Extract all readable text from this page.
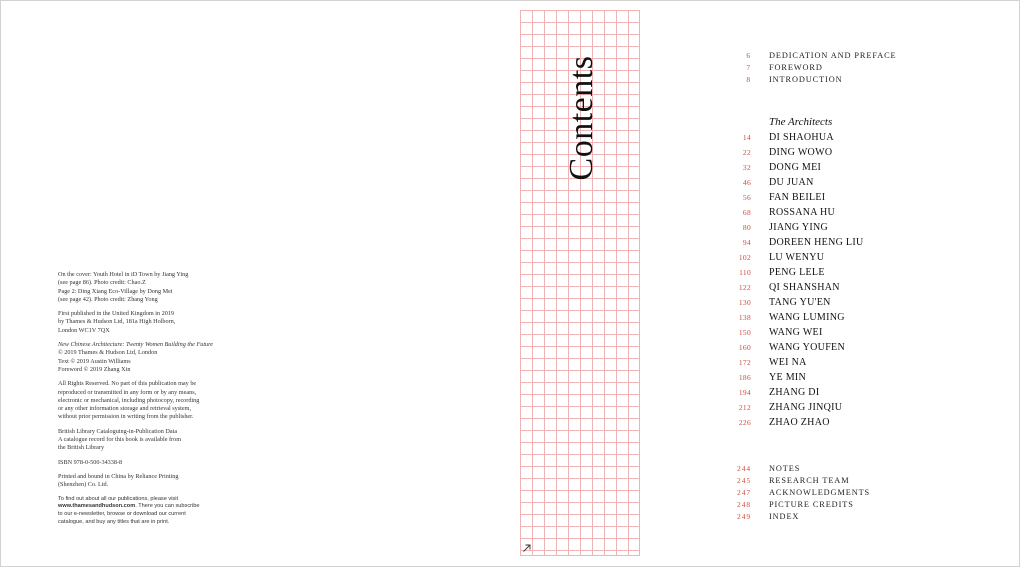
On the cover: Youth Hotel in iD Town by Jiang Ying
(see page 86). Photo credit: Chao.Z
Page 2: Ding Xiang Eco-Village by Dong Mei
(see page 42). Photo credit: Zhang Yong

First published in the United Kingdom in 2019
by Thames & Hudson Ltd, 181a High Holborn,
London WC1V 7QX

New Chinese Architecture: Twenty Women Building the Future
© 2019 Thames & Hudson Ltd, London
Text © 2019 Austin Williams
Foreword © 2019 Zhang Xin

All Rights Reserved. No part of this publication may be
reproduced or transmitted in any form or by any means,
electronic or mechanical, including photocopy, recording
or any other information storage and retrieval system,
without prior permission in writing from the publisher.

British Library Cataloguing-in-Publication Data
A catalogue record for this book is available from
the British Library

ISBN 978-0-500-34338-8

Printed and bound in China by Reliance Printing
(Shenzhen) Co. Ltd.

To find out about all our publications, please visit
www.thamesandhudson.com. There you can subscribe
to our e-newsletter, browse or download our current
catalogue, and buy any titles that are in print.

Contents
6 DEDICATION AND PREFACE
7 FOREWORD
8 INTRODUCTION
The Architects
14 DI SHAOHUA
22 DING WOWO
32 DONG MEI
46 DU JUAN
56 FAN BEILEI
68 ROSSANA HU
80 JIANG YING
94 DOREEN HENG LIU
102 LU WENYU
110 PENG LELE
122 QI SHANSHAN
130 TANG YU'EN
138 WANG LUMING
150 WANG WEI
160 WANG YOUFEN
172 WEI NA
186 YE MIN
194 ZHANG DI
212 ZHANG JINQIU
226 ZHAO ZHAO
244 NOTES
245 RESEARCH TEAM
247 ACKNOWLEDGMENTS
248 PICTURE CREDITS
249 INDEX
